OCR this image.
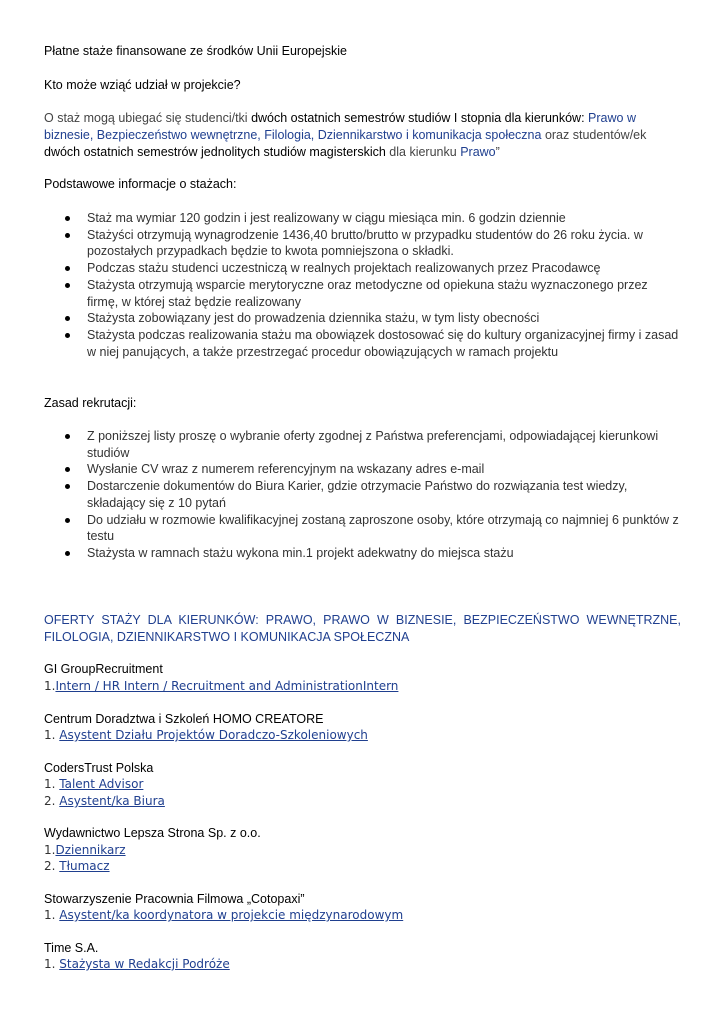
Płatne staże finansowane ze środków Unii Europejskie

Kto może wziąć udział w projekcie?

O staż mogą ubiegać się studenci/tki dwóch ostatnich semestrów studiów I stopnia dla kierunków: Prawo w biznesie, Bezpieczeństwo wewnętrzne, Filologia, Dziennikarstwo i komunikacja społeczna oraz studentów/ek dwóch ostatnich semestrów jednolitych studiów magisterskich dla kierunku Prawo”

Podstawowe informacje o stażach:

Staż ma wymiar 120 godzin i jest realizowany w ciągu miesiąca min. 6 godzin dziennie
Stażyści otrzymują wynagrodzenie 1436,40 brutto/brutto w przypadku studentów do 26 roku życia. w pozostałych przypadkach będzie to kwota pomniejszona o składki.
Podczas stażu studenci uczestniczą w realnych projektach realizowanych przez Pracodawcę
Stażysta otrzymują wsparcie merytoryczne oraz metodyczne od opiekuna stażu wyznaczonego przez firmę, w której staż będzie realizowany
Stażysta zobowiązany jest do prowadzenia dziennika stażu, w tym listy obecności
Stażysta podczas realizowania stażu ma obowiązek dostosować się do kultury organizacyjnej firmy i zasad w niej panujących, a także przestrzegać procedur obowiązujących w ramach projektu

Zasad rekrutacji:

Z poniższej listy proszę o wybranie oferty zgodnej z Państwa preferencjami, odpowiadającej kierunkowi studiów
Wysłanie CV wraz z numerem referencyjnym na wskazany adres e-mail
Dostarczenie dokumentów do Biura Karier, gdzie otrzymacie Państwo do rozwiązania test wiedzy, składający się z 10 pytań
Do udziału w rozmowie kwalifikacyjnej zostaną zaproszone osoby, które otrzymają co najmniej 6 punktów z testu
Stażysta w ramnach stażu wykona min.1 projekt adekwatny do miejsca stażu

OFERTY STAŻY DLA KIERUNKÓW: PRAWO, PRAWO W BIZNESIE, BEZPIECZEŃSTWO WEWNĘTRZNE, FILOLOGIA, DZIENNIKARSTWO I KOMUNIKACJA SPOŁECZNA

GI GroupRecruitment

1.Intern / HR Intern / Recruitment and AdministrationIntern

Centrum Doradztwa i Szkoleń HOMO CREATORE

1. Asystent Działu Projektów Doradczo-Szkoleniowych

CodersTrust Polska

1. Talent Advisor

2. Asystent/ka Biura

Wydawnictwo Lepsza Strona Sp. z o.o.

1.Dziennikarz

2. Tłumacz

Stowarzyszenie Pracownia Filmowa „Cotopaxi”

1. Asystent/ka koordynatora w projekcie międzynarodowym

Time S.A.

1. Stażysta w Redakcji Podróże
